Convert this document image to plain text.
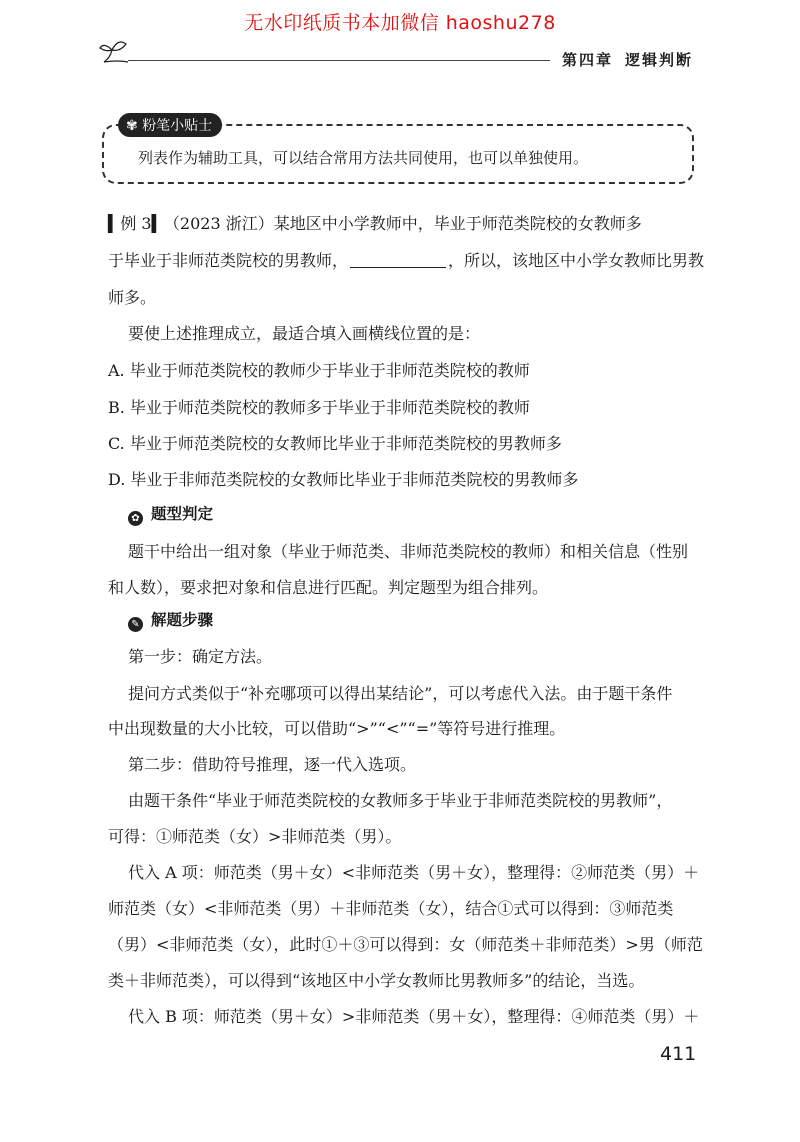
无水印纸质书本加微信 haoshu278
第四章 逻辑判断
✾ 粉笔小贴士
列表作为辅助工具，可以结合常用方法共同使用，也可以单独使用。
▍例 3▍（2023 浙江）某地区中小学教师中，毕业于师范类院校的女教师多
于毕业于非师范类院校的男教师，	，所以，该地区中小学女教师比男教
师多。
要使上述推理成立，最适合填入画横线位置的是：
A. 毕业于师范类院校的教师少于毕业于非师范类院校的教师
B. 毕业于师范类院校的教师多于毕业于非师范类院校的教师
C. 毕业于师范类院校的女教师比毕业于非师范类院校的男教师多
D. 毕业于非师范类院校的女教师比毕业于非师范类院校的男教师多
✿ 题型判定
题干中给出一组对象（毕业于师范类、非师范类院校的教师）和相关信息（性别
和人数），要求把对象和信息进行匹配。判定题型为组合排列。
✎ 解题步骤
第一步：确定方法。
提问方式类似于“补充哪项可以得出某结论”，可以考虑代入法。由于题干条件
中出现数量的大小比较，可以借助“>”“<”“=”等符号进行推理。
第二步：借助符号推理，逐一代入选项。
由题干条件“毕业于师范类院校的女教师多于毕业于非师范类院校的男教师”，
可得：①师范类（女）>非师范类（男）。
代入 A 项：师范类（男＋女）<非师范类（男＋女），整理得：②师范类（男）＋
师范类（女）<非师范类（男）＋非师范类（女），结合①式可以得到：③师范类
（男）<非师范类（女），此时①＋③可以得到：女（师范类＋非师范类）>男（师范
类＋非师范类），可以得到“该地区中小学女教师比男教师多”的结论，当选。
代入 B 项：师范类（男＋女）>非师范类（男＋女），整理得：④师范类（男）＋
411
